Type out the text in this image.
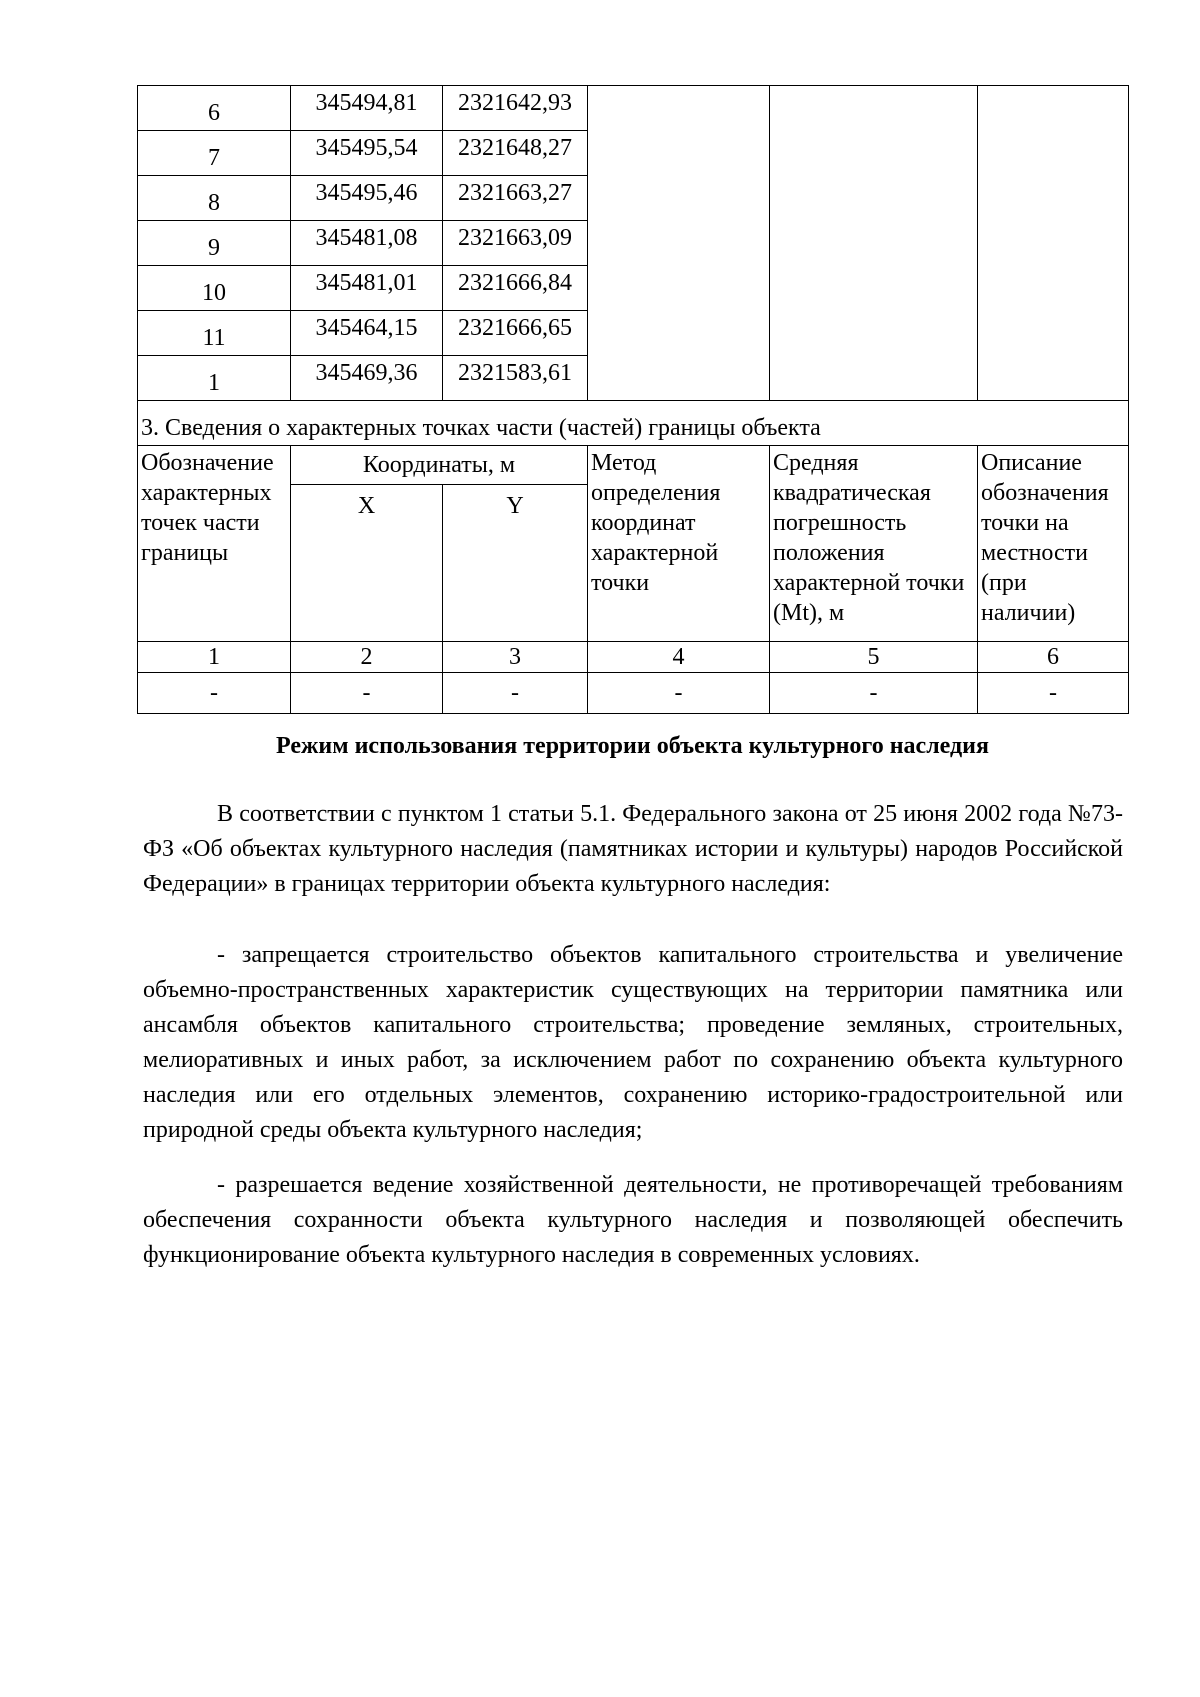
6	345494,81	2321642,93			
7	345495,54	2321648,27			
8	345495,46	2321663,27			
9	345481,08	2321663,09			
10	345481,01	2321666,84			
11	345464,15	2321666,65			
1	345469,36	2321583,61			
3. Сведения о характерных точках части (частей) границы объекта					
Обозначение характерных точек части границы	Координаты, м		Метод определения координат характерной точки	Средняя квадратическая погрешность положения характерной точки (Mt), м	Описание обозначения точки на местности (при наличии)
	X	Y			
1	2	3	4	5	6
-	-	-	-	-	-
Режим использования территории объекта культурного наследия

В соответствии с пунктом 1 статьи 5.1. Федерального закона от 25 июня 2002 года №73-ФЗ «Об объектах культурного наследия (памятниках истории и культуры) народов Российской Федерации» в границах территории объекта культурного наследия:

- запрещается строительство объектов капитального строительства и увеличение объемно-пространственных характеристик существующих на территории памятника или ансамбля объектов капитального строительства; проведение земляных, строительных, мелиоративных и иных работ, за исключением работ по сохранению объекта культурного наследия или его отдельных элементов, сохранению историко-градостроительной или природной среды объекта культурного наследия;

- разрешается ведение хозяйственной деятельности, не противоречащей требованиям обеспечения сохранности объекта культурного наследия и позволяющей обеспечить функционирование объекта культурного наследия в современных условиях.
